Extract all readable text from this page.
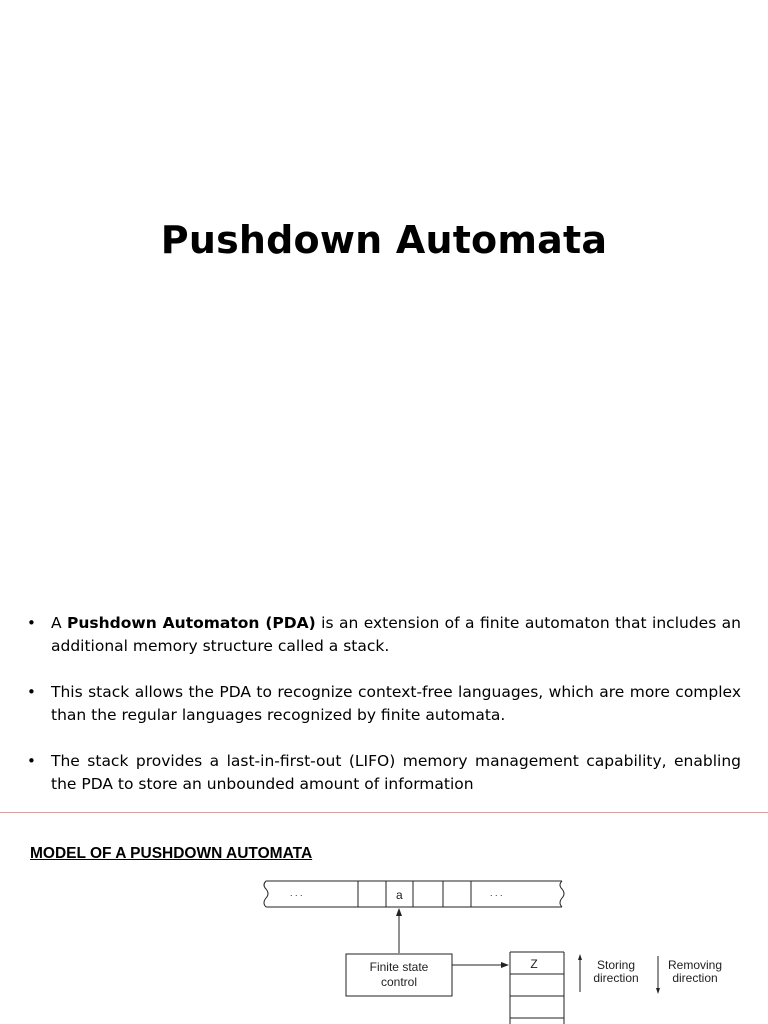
Pushdown Automata
• A Pushdown Automaton (PDA) is an extension of a finite automaton that includes an additional memory structure called a stack.
• This stack allows the PDA to recognize context-free languages, which are more complex than the regular languages recognized by finite automata.
• The stack provides a last-in-first-out (LIFO) memory management capability, enabling the PDA to store an unbounded amount of information
MODEL OF A PUSHDOWN AUTOMATA
. . .	a	. . .
Finite state
control
Z	Storing
direction
Removing
direction
